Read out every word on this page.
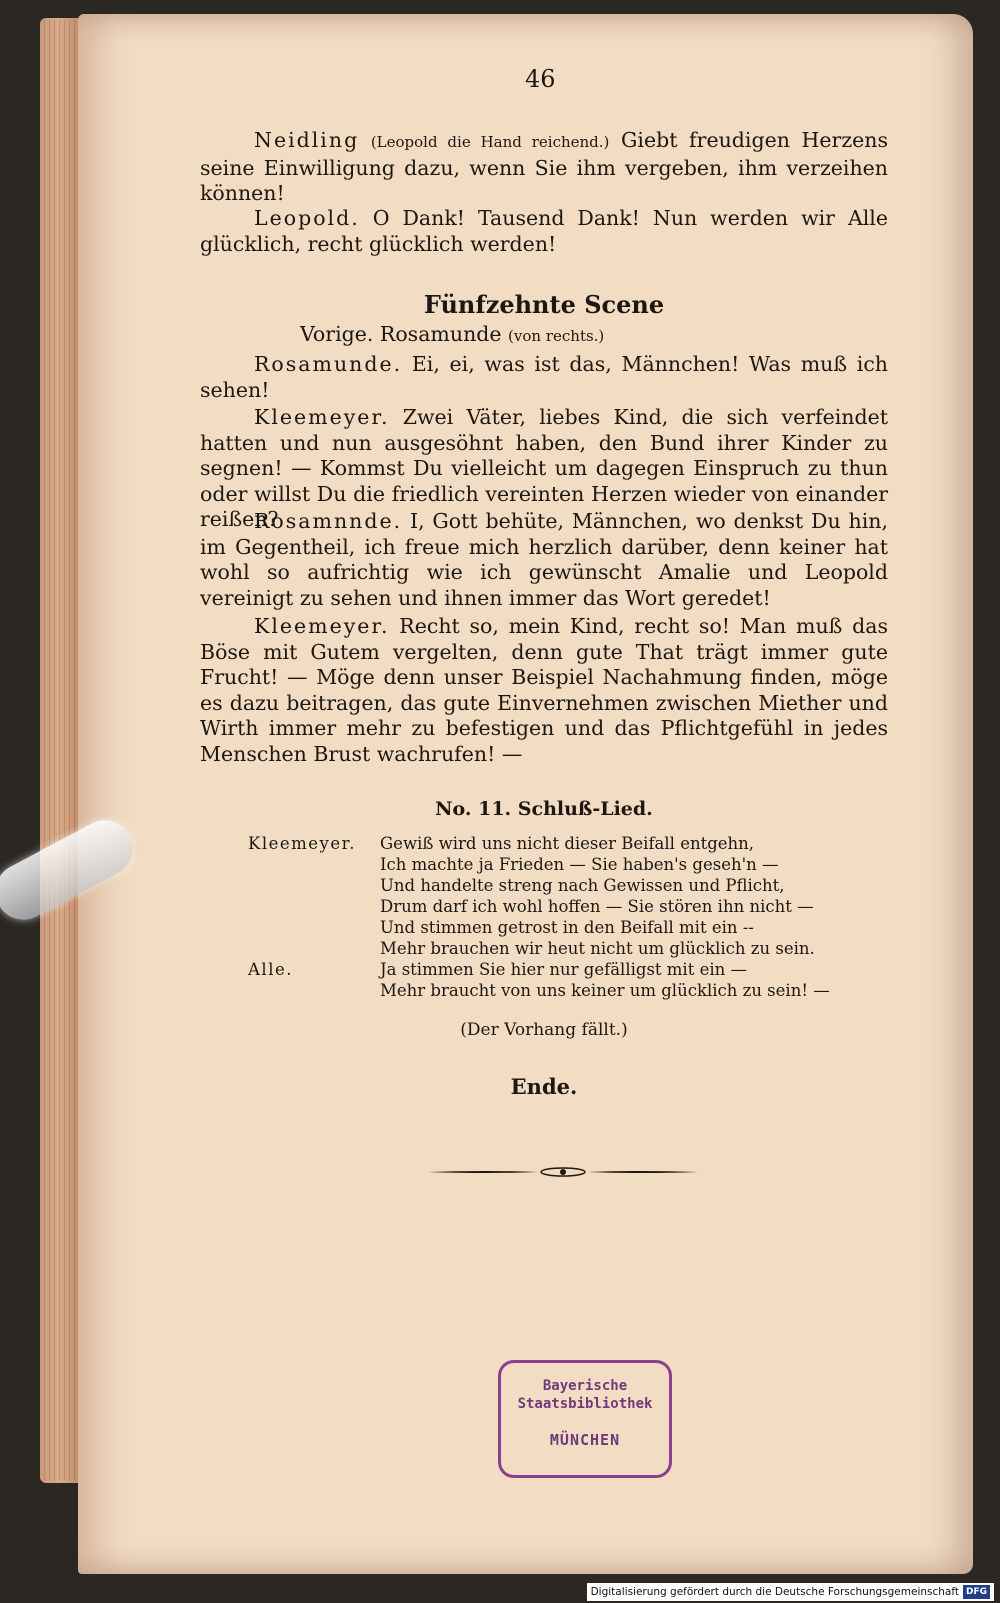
46
Neidling (Leopold die Hand reichend.) Giebt freudigen Herzens seine Einwilligung dazu, wenn Sie ihm vergeben, ihm verzeihen können!
Leopold. O Dank! Tausend Dank! Nun werden wir Alle glücklich, recht glücklich werden!
Rosamunde. Ei, ei, was ist das, Männchen! Was muß ich sehen!
Kleemeyer. Zwei Väter, liebes Kind, die sich verfeindet hatten und nun ausgesöhnt haben, den Bund ihrer Kinder zu segnen! — Kommst Du vielleicht um dagegen Einspruch zu thun oder willst Du die friedlich vereinten Herzen wieder von einander reißen?
Rosamnnde. I, Gott behüte, Männchen, wo denkst Du hin, im Gegentheil, ich freue mich herzlich darüber, denn keiner hat wohl so aufrichtig wie ich gewünscht Amalie und Leopold vereinigt zu sehen und ihnen immer das Wort geredet!
Kleemeyer. Recht so, mein Kind, recht so! Man muß das Böse mit Gutem vergelten, denn gute That trägt immer gute Frucht! — Möge denn unser Beispiel Nachahmung finden, möge es dazu beitragen, das gute Einvernehmen zwischen Miether und Wirth immer mehr zu befestigen und das Pflichtgefühl in jedes Menschen Brust wachrufen! —
Fünfzehnte Scene
Vorige. Rosamunde (von rechts.)
No. 11. Schluß-Lied.
Kleemeyer. Gewiß wird uns nicht dieser Beifall entgehn,
Ich machte ja Frieden — Sie haben's geseh'n —
Und handelte streng nach Gewissen und Pflicht,
Drum darf ich wohl hoffen — Sie stören ihn nicht —
Und stimmen getrost in den Beifall mit ein --
Mehr brauchen wir heut nicht um glücklich zu sein.
Alle.	Ja stimmen Sie hier nur gefälligst mit ein —
Mehr braucht von uns keiner um glücklich zu sein! —
(Der Vorhang fällt.)
Ende.
Bayerische
Staatsbibliothek
MÜNCHEN
Digitalisierung gefördert durch die Deutsche Forschungsgemeinschaft DFG
